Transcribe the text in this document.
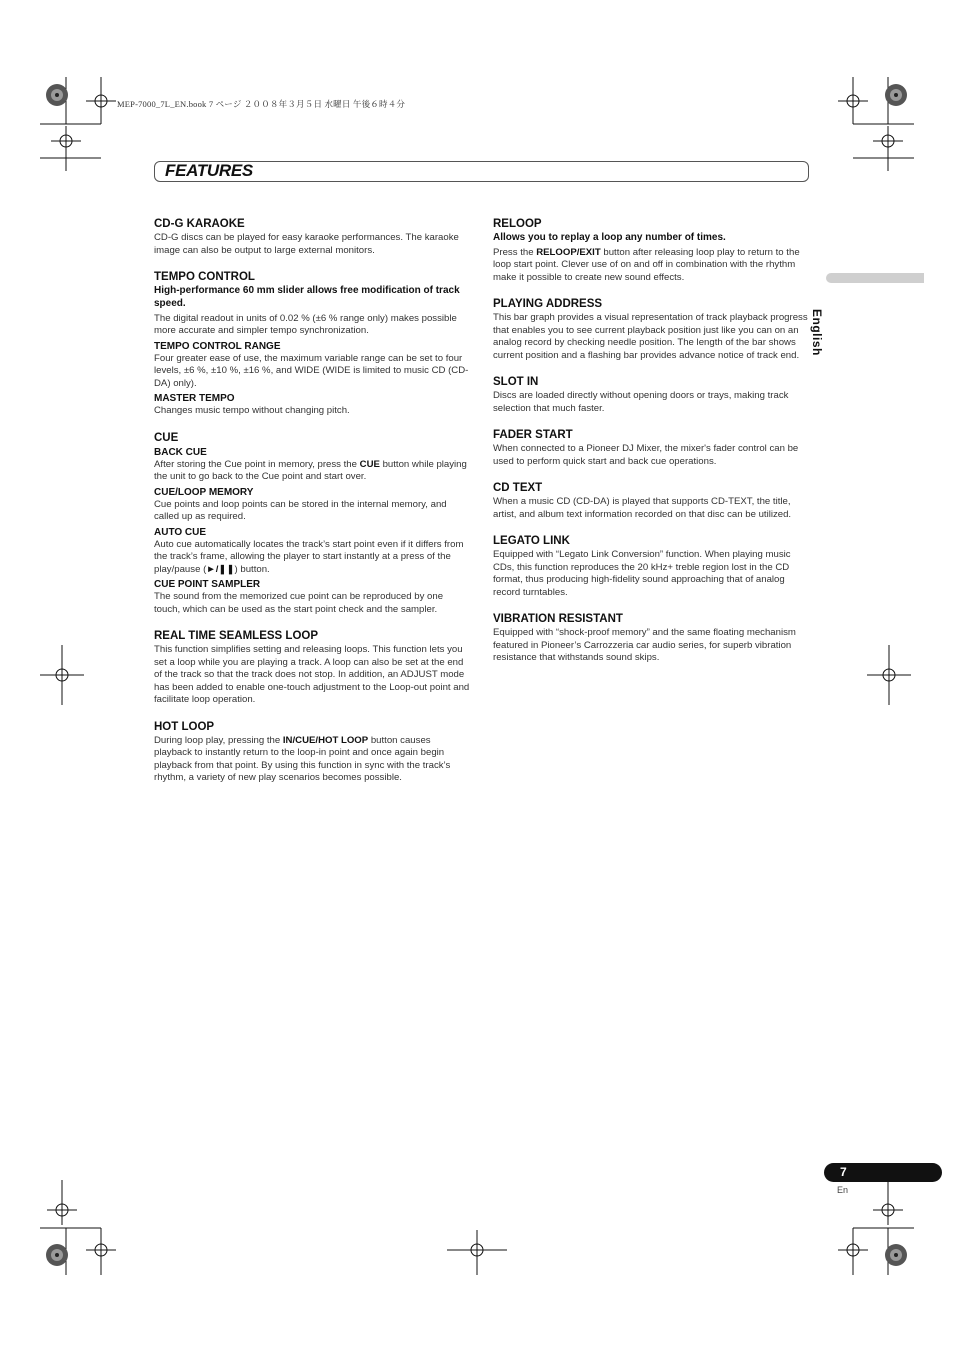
MEP-7000_7L_EN.book 7 ページ ２００８年３月５日 水曜日 午後６時４分
FEATURES
English
CD-G KARAOKE

CD-G discs can be played for easy karaoke performances. The karaoke image can also be output to large external monitors.

TEMPO CONTROL

High-performance 60 mm slider allows free modification of track speed.

The digital readout in units of 0.02 % (±6 % range only) makes possible more accurate and simpler tempo synchronization.

TEMPO CONTROL RANGE

Four greater ease of use, the maximum variable range can be set to four levels, ±6 %, ±10 %, ±16 %, and WIDE (WIDE is limited to music CD (CD-DA) only).

MASTER TEMPO

Changes music tempo without changing pitch.

CUE
BACK CUE

After storing the Cue point in memory, press the CUE button while playing the unit to go back to the Cue point and start over.

CUE/LOOP MEMORY

Cue points and loop points can be stored in the internal memory, and called up as required.

AUTO CUE

Auto cue automatically locates the track’s start point even if it differs from the track’s frame, allowing the player to start instantly at a press of the play/pause (►/❚❚) button.

CUE POINT SAMPLER

The sound from the memorized cue point can be reproduced by one touch, which can be used as the start point check and the sampler.

REAL TIME SEAMLESS LOOP

This function simplifies setting and releasing loops. This function lets you set a loop while you are playing a track. A loop can also be set at the end of the track so that the track does not stop. In addition, an ADJUST mode has been added to enable one-touch adjustment to the Loop-out point and facilitate loop operation.

HOT LOOP

During loop play, pressing the IN/CUE/HOT LOOP button causes playback to instantly return to the loop-in point and once again begin playback from that point. By using this function in sync with the track’s rhythm, a variety of new play scenarios becomes possible.

RELOOP

Allows you to replay a loop any number of times.

Press the RELOOP/EXIT button after releasing loop play to return to the loop start point. Clever use of on and off in combination with the rhythm make it possible to create new sound effects.

PLAYING ADDRESS

This bar graph provides a visual representation of track playback progress that enables you to see current playback position just like you can on an analog record by checking needle position. The length of the bar shows current position and a flashing bar provides advance notice of track end.

SLOT IN

Discs are loaded directly without opening doors or trays, making track selection that much faster.

FADER START

When connected to a Pioneer DJ Mixer, the mixer's fader control can be used to perform quick start and back cue operations.

CD TEXT

When a music CD (CD-DA) is played that supports CD-TEXT, the title, artist, and album text information recorded on that disc can be utilized.

LEGATO LINK

Equipped with “Legato Link Conversion” function. When playing music CDs, this function reproduces the 20 kHz+ treble region lost in the CD format, thus producing high-fidelity sound approaching that of analog record turntables.

VIBRATION RESISTANT

Equipped with “shock-proof memory” and the same floating mechanism featured in Pioneer’s Carrozzeria car audio series, for superb vibration resistance that withstands sound skips.

7
En
